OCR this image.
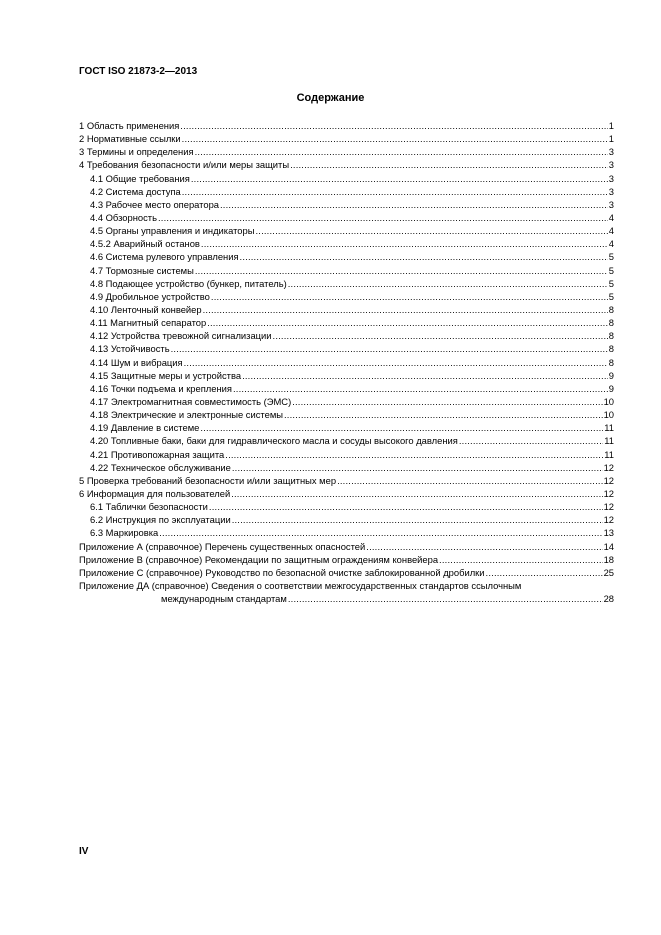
ГОСТ ISO 21873-2—2013
Содержание
1 Область применения .....	1
2 Нормативные ссылки .....	1
3 Термины и определения .....	3
4 Требования безопасности и/или меры защиты .....	3
4.1 Общие требования .....	3
4.2 Система доступа .....	3
4.3 Рабочее место оператора .....	3
4.4 Обзорность .....	4
4.5 Органы управления и индикаторы .....	4
4.5.2 Аварийный останов .....	4
4.6 Система рулевого управления .....	5
4.7 Тормозные системы .....	5
4.8 Подающее устройство (бункер, питатель) .....	5
4.9 Дробильное устройство .....	5
4.10 Ленточный конвейер .....	8
4.11 Магнитный сепаратор .....	8
4.12 Устройства тревожной сигнализации .....	8
4.13 Устойчивость .....	8
4.14 Шум и вибрация .....	8
4.15 Защитные меры и устройства .....	9
4.16 Точки подъема и крепления .....	9
4.17 Электромагнитная совместимость (ЭМС) .....	10
4.18 Электрические и электронные системы .....	10
4.19 Давление в системе .....	11
4.20 Топливные баки, баки для гидравлического масла и сосуды высокого давления .....	11
4.21 Противопожарная защита .....	11
4.22 Техническое обслуживание .....	12
5 Проверка требований безопасности и/или защитных мер .....	12
6 Информация для пользователей .....	12
6.1 Таблички безопасности .....	12
6.2 Инструкция по эксплуатации .....	12
6.3 Маркировка .....	13
Приложение А (справочное) Перечень существенных опасностей .....	14
Приложение В (справочное) Рекомендации по защитным ограждениям конвейера .....	18
Приложение С (справочное) Руководство по безопасной очистке заблокированной дробилки .....	25
Приложение ДА (справочное) Сведения о соответствии межгосударственных стандартов ссылочным
международным стандартам .....	28
IV
